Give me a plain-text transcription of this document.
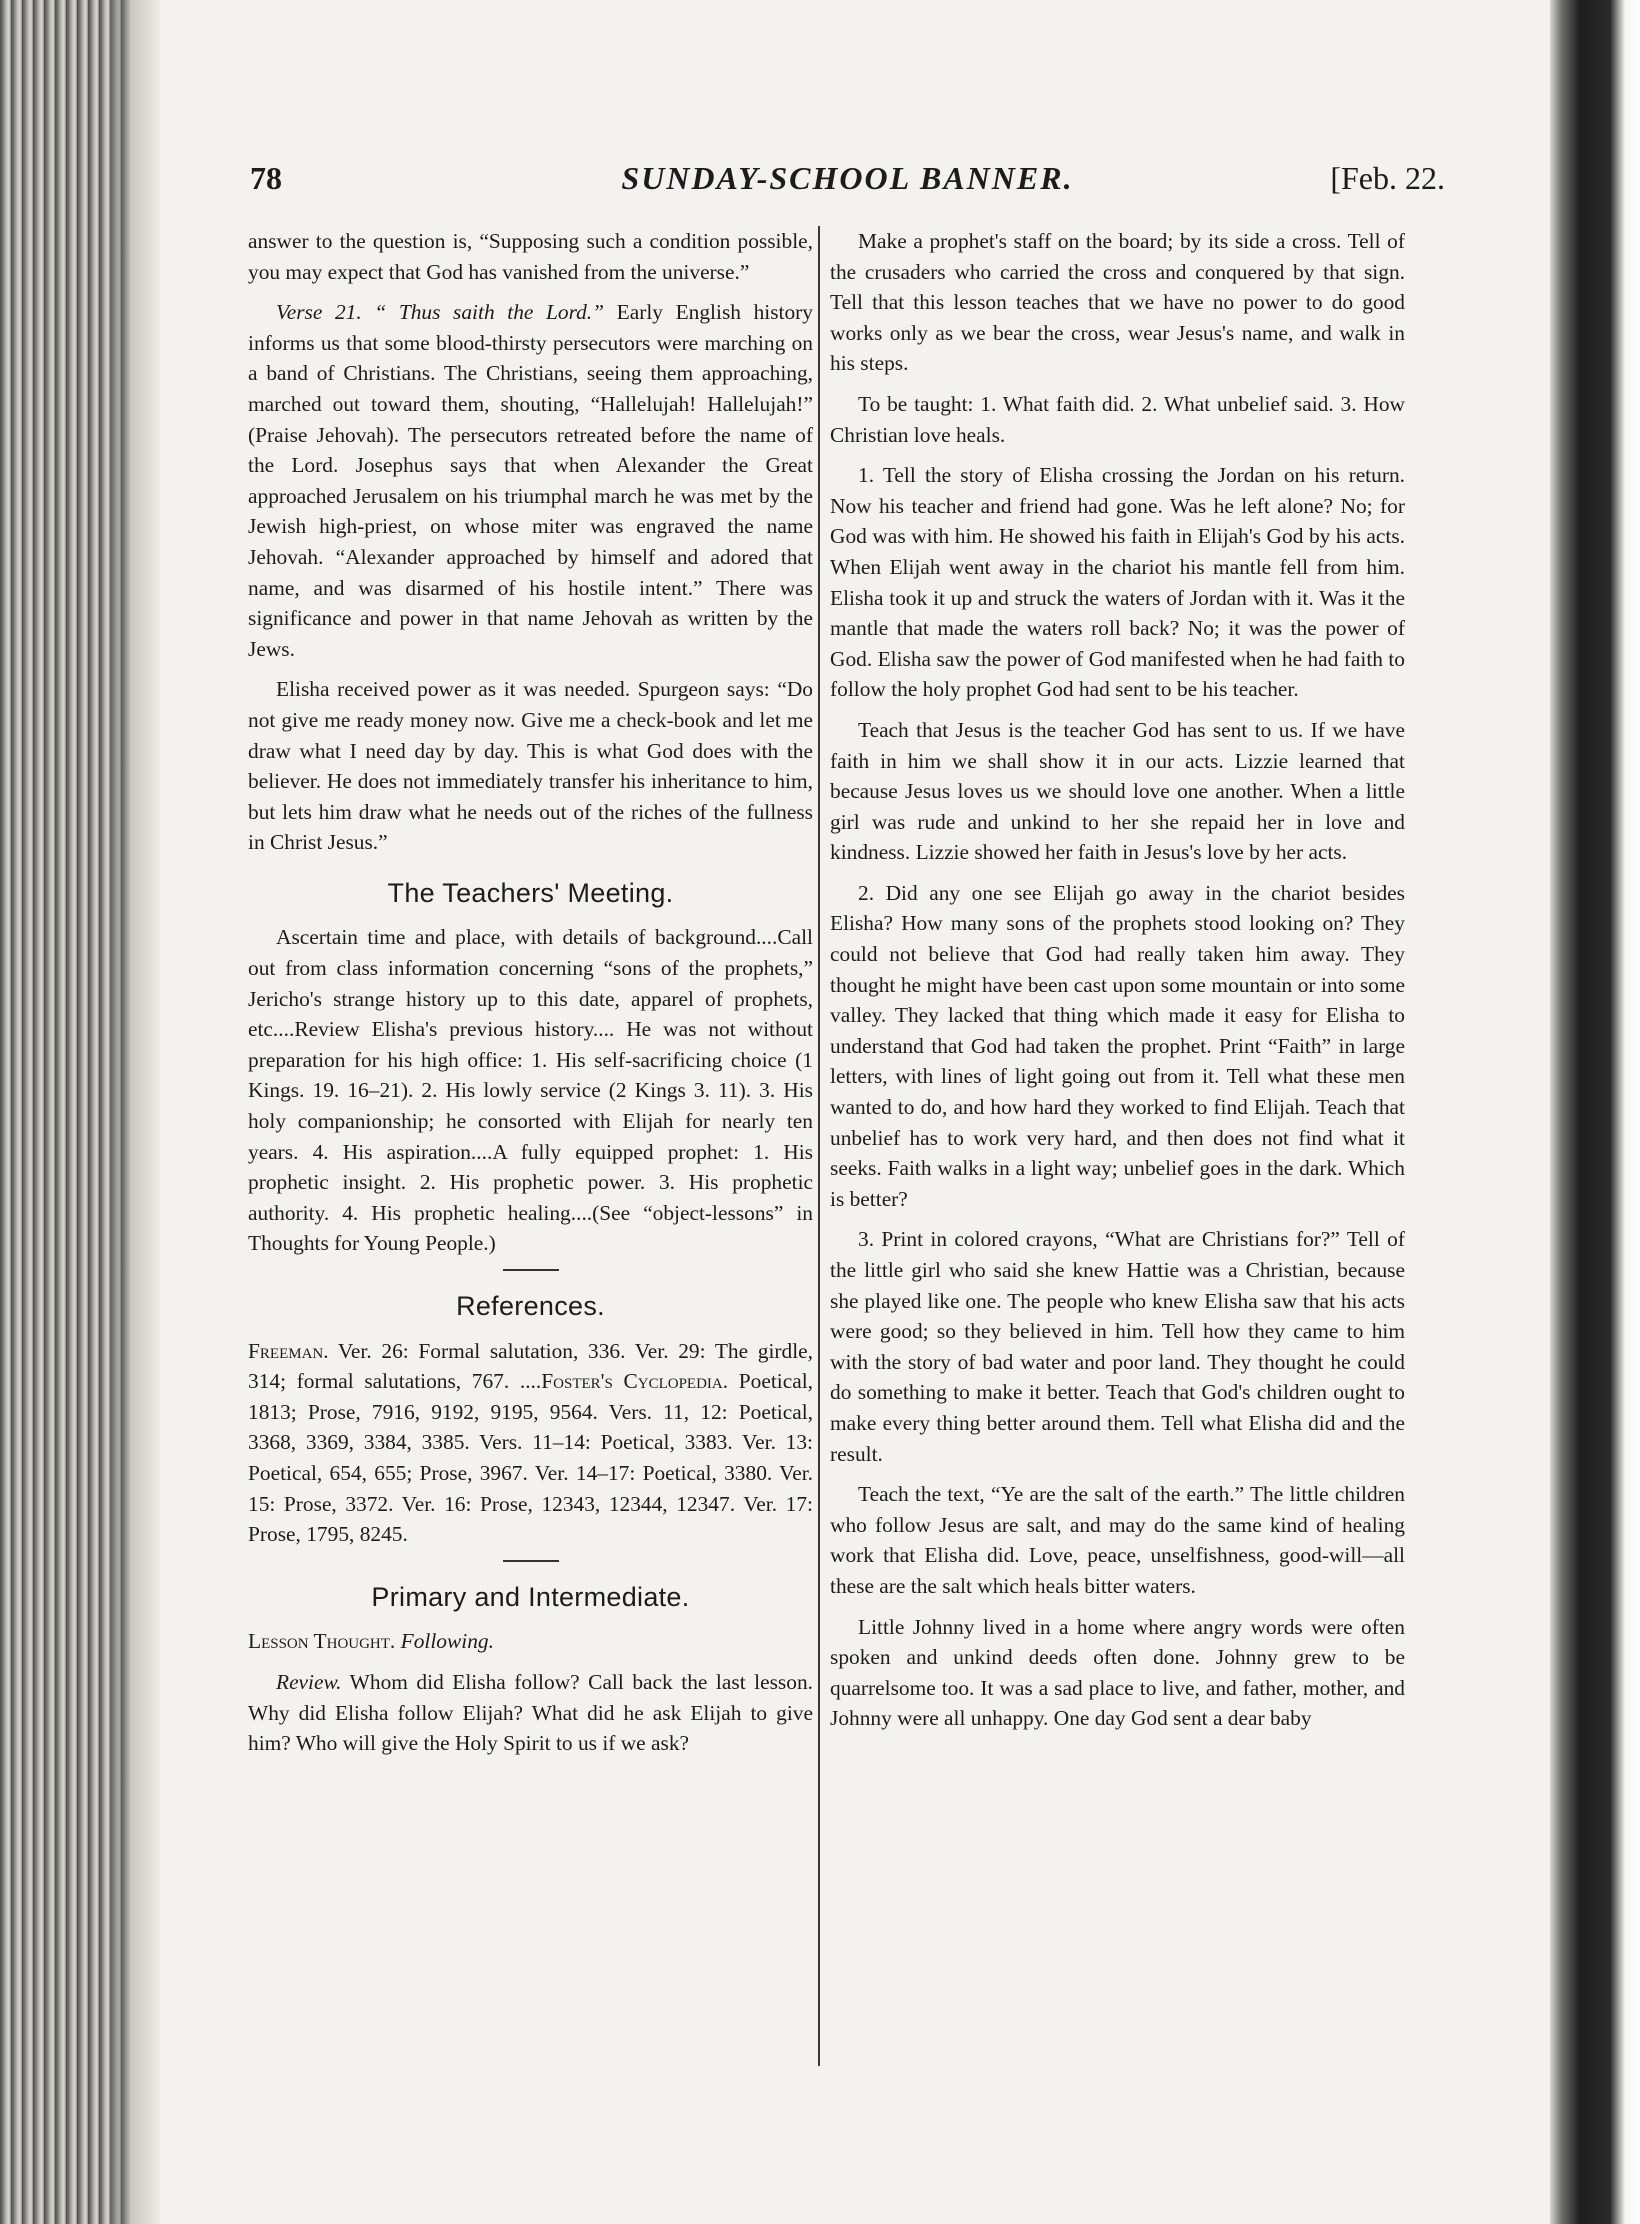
78	SUNDAY-SCHOOL BANNER.	[Feb. 22.

answer to the question is, “Supposing such a condition possible, you may expect that God has vanished from the universe.”

Verse 21. “ Thus saith the Lord.” Early English history informs us that some blood-thirsty persecutors were marching on a band of Christians. The Christians, seeing them approaching, marched out toward them, shouting, “Hallelujah! Hallelujah!” (Praise Jehovah). The persecutors retreated before the name of the Lord. Josephus says that when Alexander the Great approached Jerusalem on his triumphal march he was met by the Jewish high-priest, on whose miter was engraved the name Jehovah. “Alexander approached by himself and adored that name, and was disarmed of his hostile intent.” There was significance and power in that name Jehovah as written by the Jews.

Elisha received power as it was needed. Spurgeon says: “Do not give me ready money now. Give me a check-book and let me draw what I need day by day. This is what God does with the believer. He does not immediately transfer his inheritance to him, but lets him draw what he needs out of the riches of the fullness in Christ Jesus.”

The Teachers' Meeting.

Ascertain time and place, with details of background....Call out from class information concerning “sons of the prophets,” Jericho's strange history up to this date, apparel of prophets, etc....Review Elisha's previous history.... He was not without preparation for his high office: 1. His self-sacrificing choice (1 Kings. 19. 16–21). 2. His lowly service (2 Kings 3. 11). 3. His holy companionship; he consorted with Elijah for nearly ten years. 4. His aspiration....A fully equipped prophet: 1. His prophetic insight. 2. His prophetic power. 3. His prophetic authority. 4. His prophetic healing....(See “object-lessons” in Thoughts for Young People.)

References.

Freeman. Ver. 26: Formal salutation, 336. Ver. 29: The girdle, 314; formal salutations, 767. ....Foster's Cyclopedia. Poetical, 1813; Prose, 7916, 9192, 9195, 9564. Vers. 11, 12: Poetical, 3368, 3369, 3384, 3385. Vers. 11–14: Poetical, 3383. Ver. 13: Poetical, 654, 655; Prose, 3967. Ver. 14–17: Poetical, 3380. Ver. 15: Prose, 3372. Ver. 16: Prose, 12343, 12344, 12347. Ver. 17: Prose, 1795, 8245.

Primary and Intermediate.

Lesson Thought. Following.

Review. Whom did Elisha follow? Call back the last lesson. Why did Elisha follow Elijah? What did he ask Elijah to give him? Who will give the Holy Spirit to us if we ask?

Make a prophet's staff on the board; by its side a cross. Tell of the crusaders who carried the cross and conquered by that sign. Tell that this lesson teaches that we have no power to do good works only as we bear the cross, wear Jesus's name, and walk in his steps.

To be taught: 1. What faith did. 2. What unbelief said. 3. How Christian love heals.

1. Tell the story of Elisha crossing the Jordan on his return. Now his teacher and friend had gone. Was he left alone? No; for God was with him. He showed his faith in Elijah's God by his acts. When Elijah went away in the chariot his mantle fell from him. Elisha took it up and struck the waters of Jordan with it. Was it the mantle that made the waters roll back? No; it was the power of God. Elisha saw the power of God manifested when he had faith to follow the holy prophet God had sent to be his teacher.

Teach that Jesus is the teacher God has sent to us. If we have faith in him we shall show it in our acts. Lizzie learned that because Jesus loves us we should love one another. When a little girl was rude and unkind to her she repaid her in love and kindness. Lizzie showed her faith in Jesus's love by her acts.

2. Did any one see Elijah go away in the chariot besides Elisha? How many sons of the prophets stood looking on? They could not believe that God had really taken him away. They thought he might have been cast upon some mountain or into some valley. They lacked that thing which made it easy for Elisha to understand that God had taken the prophet. Print “Faith” in large letters, with lines of light going out from it. Tell what these men wanted to do, and how hard they worked to find Elijah. Teach that unbelief has to work very hard, and then does not find what it seeks. Faith walks in a light way; unbelief goes in the dark. Which is better?

3. Print in colored crayons, “What are Christians for?” Tell of the little girl who said she knew Hattie was a Christian, because she played like one. The people who knew Elisha saw that his acts were good; so they believed in him. Tell how they came to him with the story of bad water and poor land. They thought he could do something to make it better. Teach that God's children ought to make every thing better around them. Tell what Elisha did and the result.

Teach the text, “Ye are the salt of the earth.” The little children who follow Jesus are salt, and may do the same kind of healing work that Elisha did. Love, peace, unselfishness, good-will—all these are the salt which heals bitter waters.

Little Johnny lived in a home where angry words were often spoken and unkind deeds often done. Johnny grew to be quarrelsome too. It was a sad place to live, and father, mother, and Johnny were all unhappy. One day God sent a dear baby
